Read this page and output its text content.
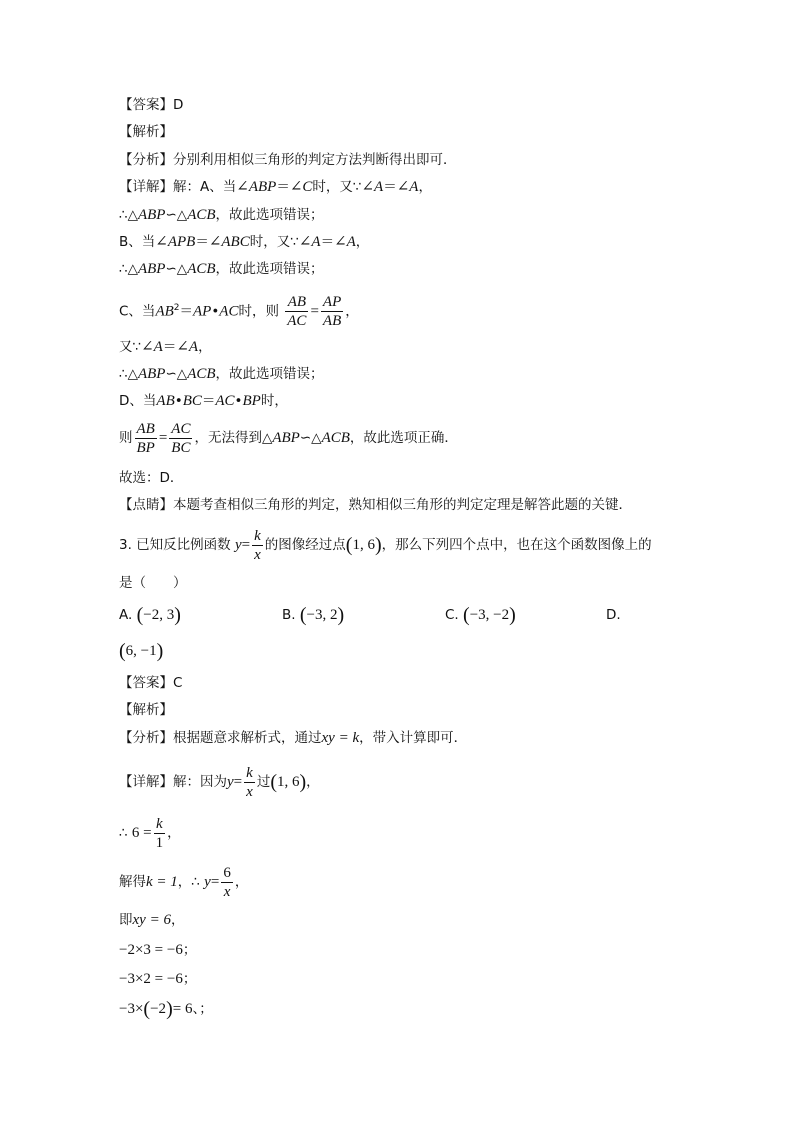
【答案】D
【解析】
【分析】分别利用相似三角形的判定方法判断得出即可．
【详解】解：A、当∠ABP＝∠C时，又∵∠A＝∠A，
∴△ABP∽△ACB，故此选项错误；
B、当∠APB＝∠ABC时，又∵∠A＝∠A，
∴△ABP∽△ACB，故此选项错误；
C、当$AB^2=AP•AC$时，则 $\frac{AB}{AC} = \frac{AP}{AB}$ ，
又∵∠A＝∠A，
∴△ABP∽△ACB，故此选项错误；
D、当AB•BC＝AC•BP时，
则 $\frac{AB}{BP} = \frac{AC}{BC}$ ，无法得到△ABP∽△ACB，故此选项正确．
故选：D．
【点睛】本题考查相似三角形的判定，熟知相似三角形的判定定理是解答此题的关键．
3. 已知反比例函数 $y= \frac{k}{x}$ 的图像经过点(1, 6)，那么下列四个点中，也在这个函数图像上的
是（　　）
A. (−2, 3)	B. (−3, 2)	C. (−3, −2)	D.
(6, −1)
【答案】C
【解析】
【分析】根据题意求解析式，通过xy = k，带入计算即可．
【详解】解：因为$y= \frac{k}{x}$ 过(1, 6)，
∴ $6 = \frac{k}{1}$ ，
解得k = 1，∴ $y= \frac{6}{x}$ ，
即xy = 6，
−2×3 = −6；
−3×2 = −6；
−3×(−2)= 6、；
